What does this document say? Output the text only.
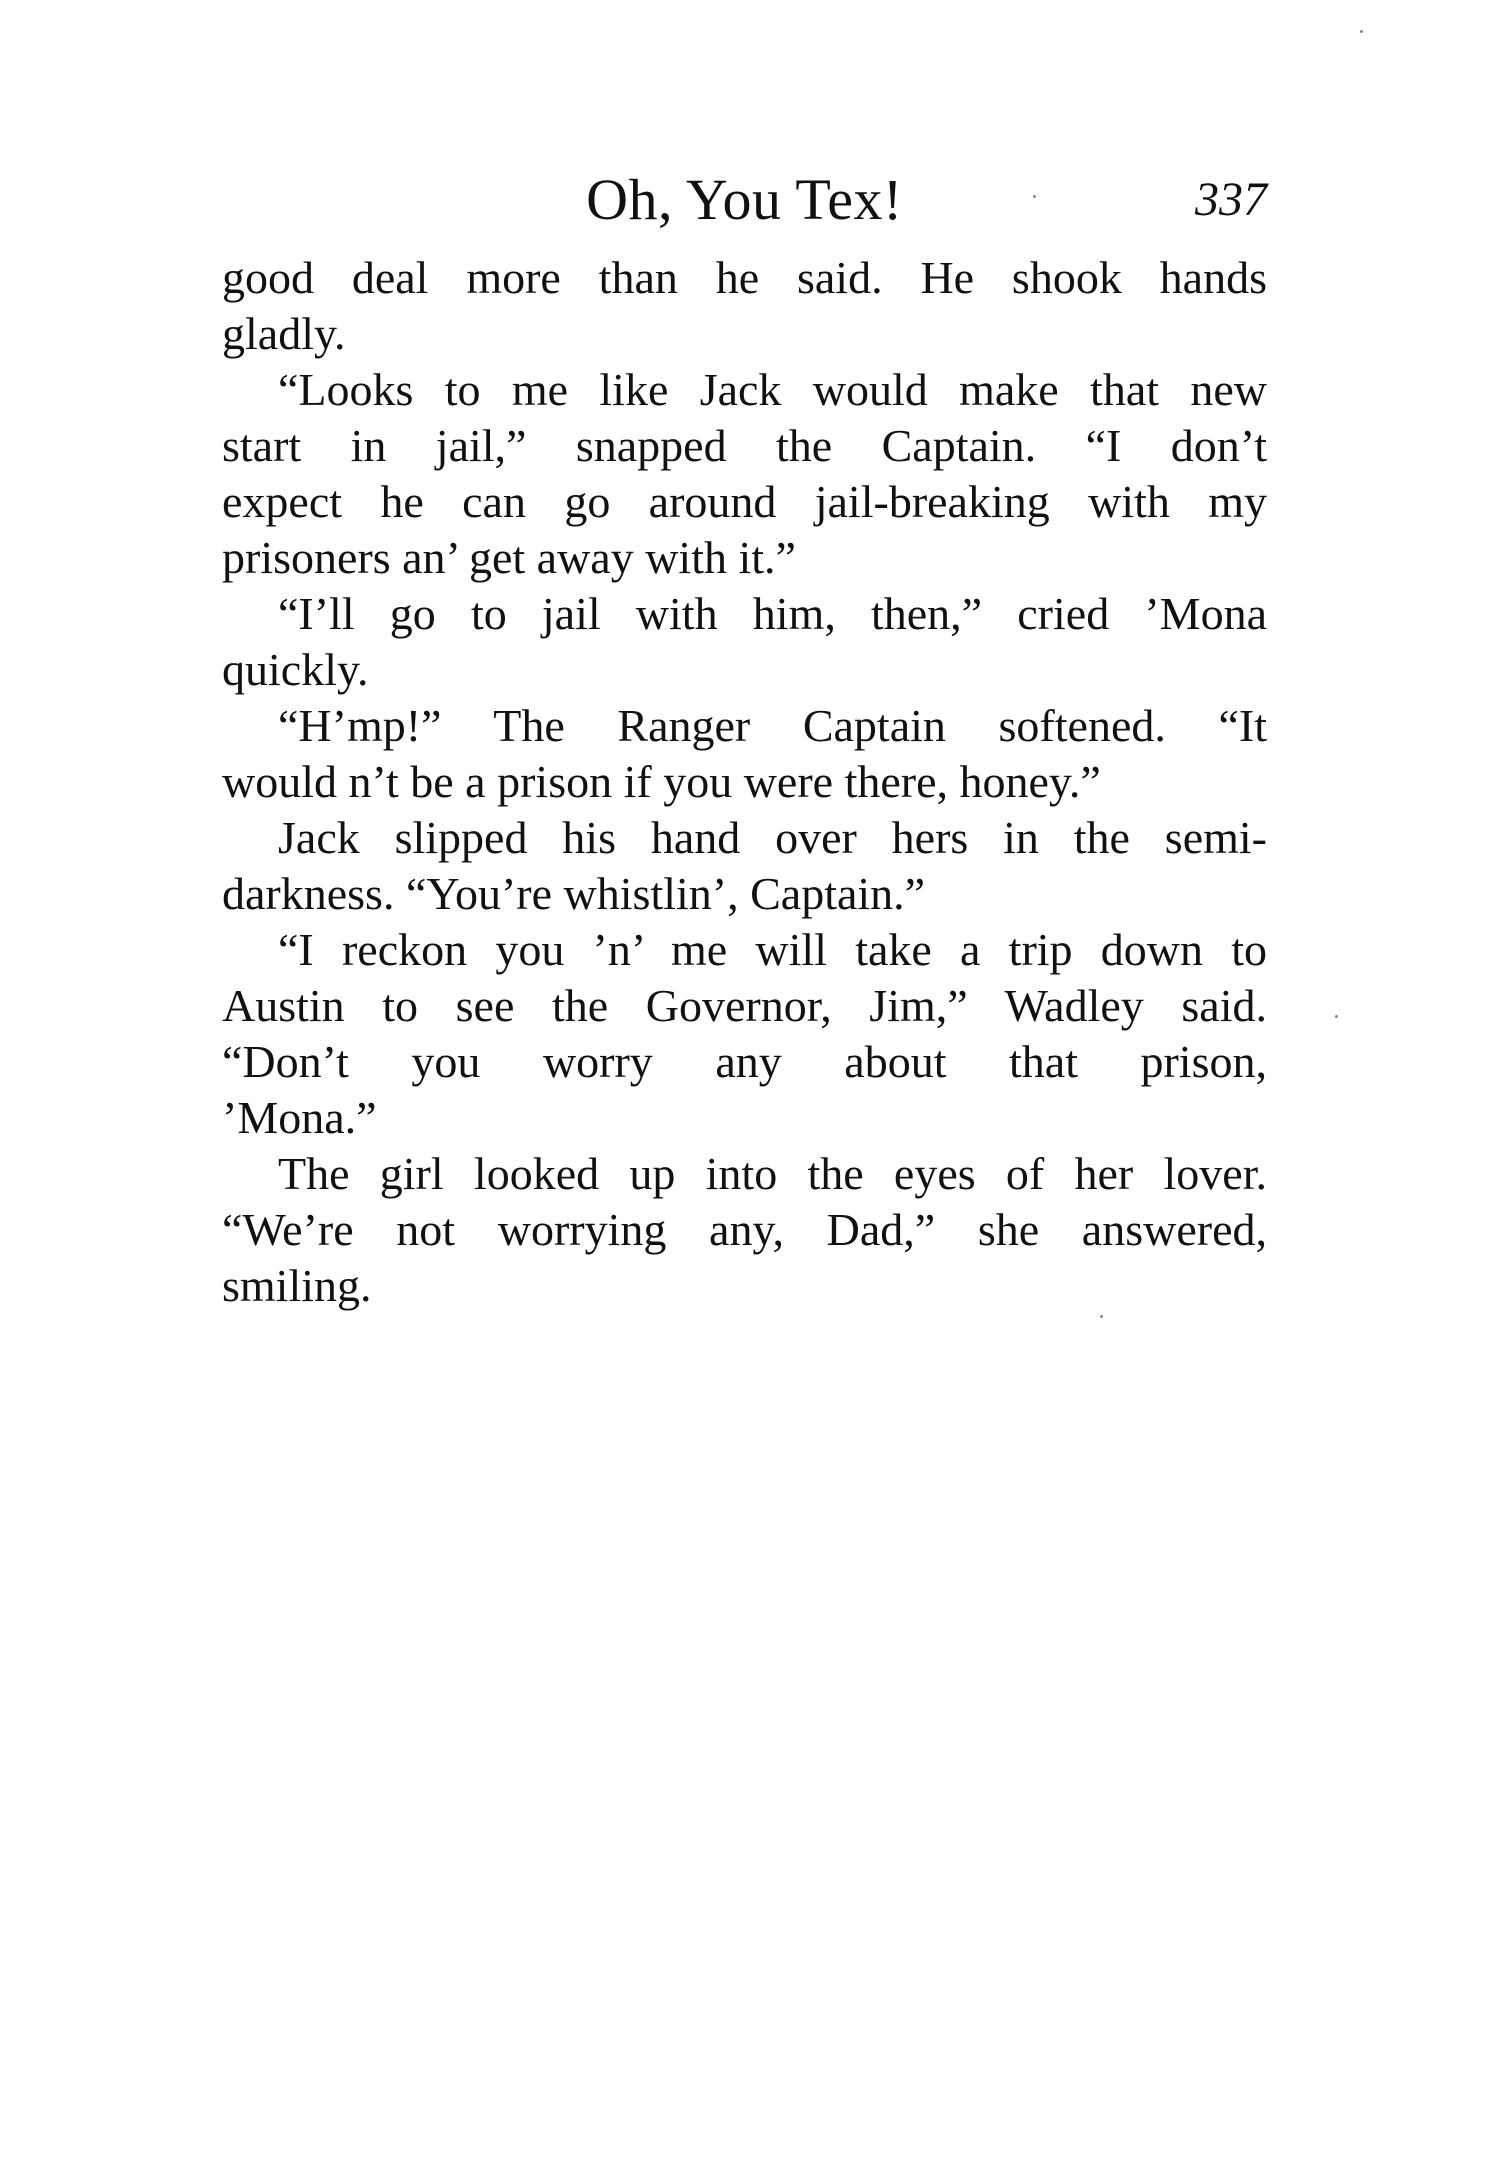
Oh, You Tex!	337
good deal more than he said. He shook hands
gladly.
“Looks to me like Jack would make that new
start in jail,” snapped the Captain. “I don’t
expect he can go around jail-breaking with my
prisoners an’ get away with it.”
“I’ll go to jail with him, then,” cried ’Mona
quickly.
“H’mp!” The Ranger Captain softened. “It
would n’t be a prison if you were there, honey.”
Jack slipped his hand over hers in the semi-
darkness. “You’re whistlin’, Captain.”
“I reckon you ’n’ me will take a trip down to
Austin to see the Governor, Jim,” Wadley said.
“Don’t you worry any about that prison,
’Mona.”
The girl looked up into the eyes of her lover.
“We’re not worrying any, Dad,” she answered,
smiling.
